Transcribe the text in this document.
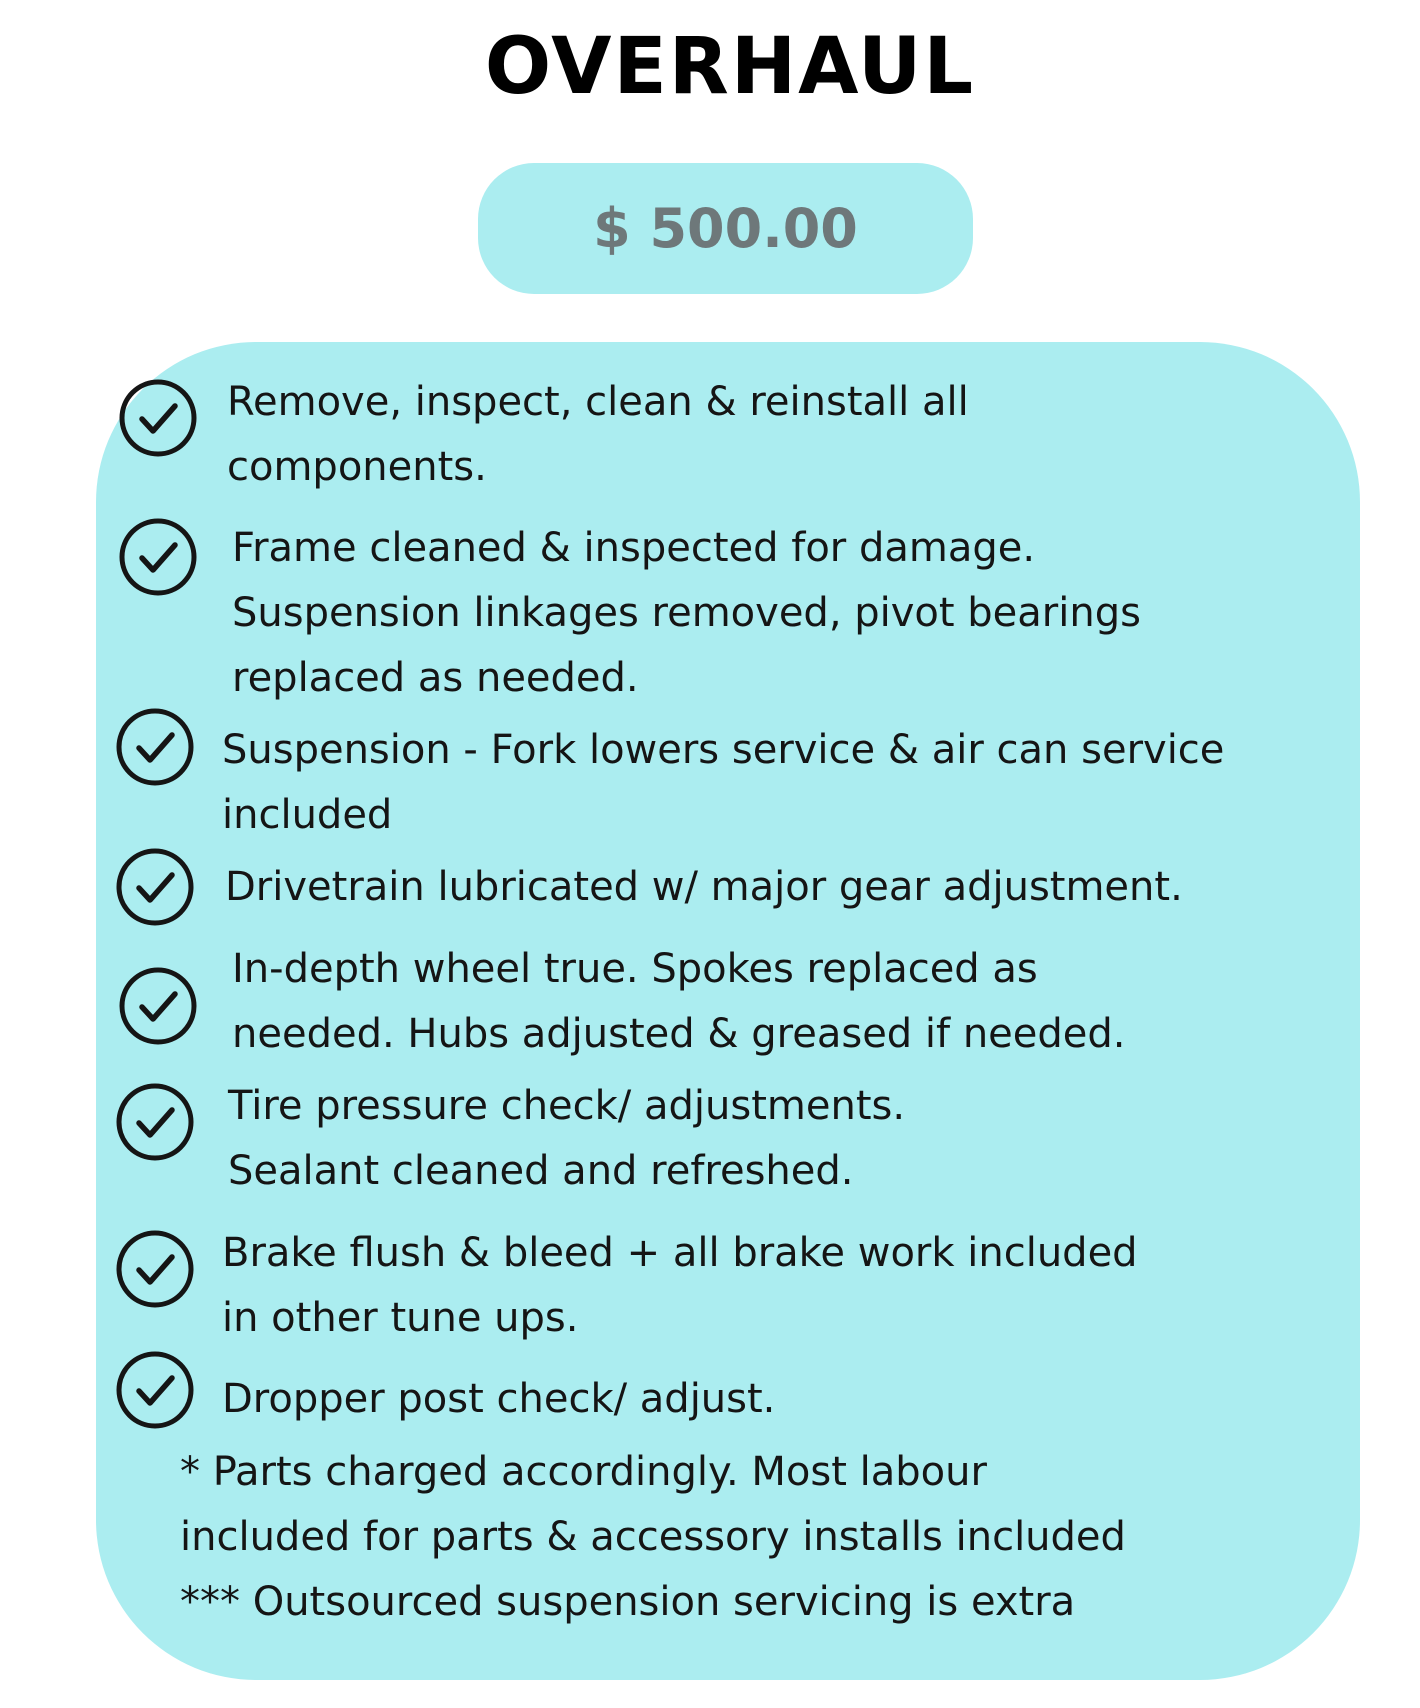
OVERHAUL
$ 500.00
Remove, inspect, clean & reinstall all
components.
Frame cleaned & inspected for damage.
Suspension linkages removed, pivot bearings
replaced as needed.
Suspension - Fork lowers service & air can service
included
Drivetrain lubricated w/ major gear adjustment.
In-depth wheel true. Spokes replaced as
needed. Hubs adjusted & greased if needed.
Tire pressure check/ adjustments.
Sealant cleaned and refreshed.
Brake flush & bleed + all brake work included
in other tune ups.
Dropper post check/ adjust.
* Parts charged accordingly. Most labour
included for parts & accessory installs included
*** Outsourced suspension servicing is extra
